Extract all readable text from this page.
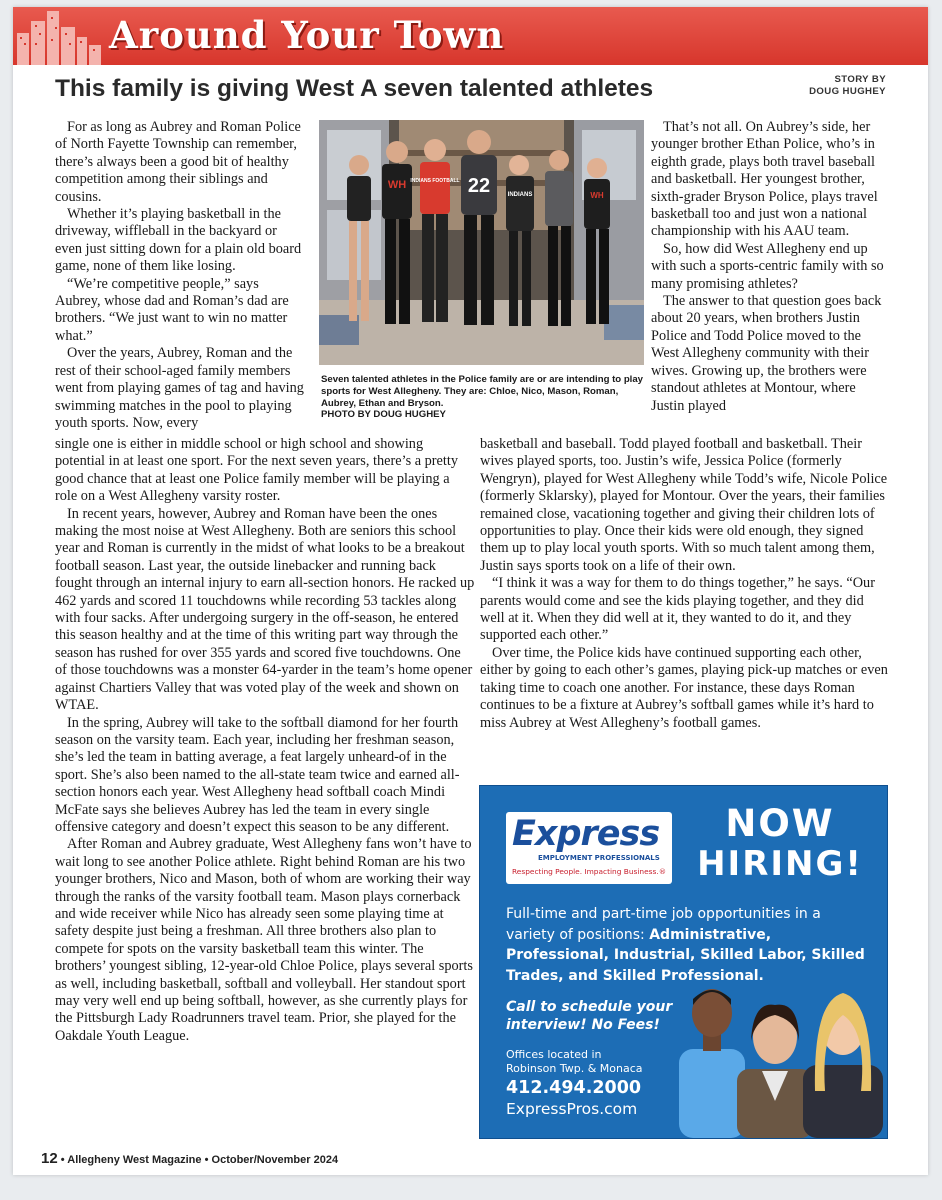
Around Your Town
This family is giving West A seven talented athletes	STORY BY
DOUG HUGHEY

For as long as Aubrey and Roman Police of North Fayette Township can remember, there’s always been a good bit of healthy competition among their siblings and cousins.

Whether it’s playing basketball in the driveway, wiffleball in the backyard or even just sitting down for a plain old board game, none of them like losing.

“We’re competitive people,” says Aubrey, whose dad and Roman’s dad are brothers. “We just want to win no matter what.”

Over the years, Aubrey, Roman and the rest of their school-aged family members went from playing games of tag and having swimming matches in the pool to playing youth sports. Now, every

single one is either in middle school or high school and showing potential in at least one sport. For the next seven years, there’s a pretty good chance that at least one Police family member will be playing a role on a West Allegheny varsity roster.

In recent years, however, Aubrey and Roman have been the ones making the most noise at West Allegheny. Both are seniors this school year and Roman is currently in the midst of what looks to be a breakout football season. Last year, the outside linebacker and running back fought through an internal injury to earn all-section honors. He racked up 462 yards and scored 11 touchdowns while recording 53 tackles along with four sacks. After undergoing surgery in the off-season, he entered this season healthy and at the time of this writing part way through the season has rushed for over 355 yards and scored five touchdowns. One of those touchdowns was a monster 64-yarder in the team’s home opener against Chartiers Valley that was voted play of the week and shown on WTAE.

In the spring, Aubrey will take to the softball diamond for her fourth season on the varsity team. Each year, including her freshman season, she’s led the team in batting average, a feat largely unheard-of in the sport. She’s also been named to the all-state team twice and earned all-section honors each year. West Allegheny head softball coach Mindi McFate says she believes Aubrey has led the team in every single offensive category and doesn’t expect this season to be any different.

After Roman and Aubrey graduate, West Allegheny fans won’t have to wait long to see another Police athlete. Right behind Roman are his two younger brothers, Nico and Mason, both of whom are working their way through the ranks of the varsity football team. Mason plays cornerback and wide receiver while Nico has already seen some playing time at safety despite just being a freshman. All three brothers also plan to compete for spots on the varsity basketball team this winter. The brothers’ youngest sibling, 12-year-old Chloe Police, plays several sports as well, including basketball, softball and volleyball. Her standout sport may very well end up being softball, however, as she currently plays for the Pittsburgh Lady Roadrunners travel team. Prior, she played for the Oakdale Youth League.

That’s not all. On Aubrey’s side, her younger brother Ethan Police, who’s in eighth grade, plays both travel baseball and basketball. Her youngest brother, sixth-grader Bryson Police, plays travel basketball too and just won a national championship with his AAU team.

So, how did West Allegheny end up with such a sports-centric family with so many promising athletes?

The answer to that question goes back about 20 years, when brothers Justin Police and Todd Police moved to the West Allegheny community with their wives. Growing up, the brothers were standout athletes at Montour, where Justin played

basketball and baseball. Todd played football and basketball. Their wives played sports, too. Justin’s wife, Jessica Police (formerly Wengryn), played for West Allegheny while Todd’s wife, Nicole Police (formerly Sklarsky), played for Montour. Over the years, their families remained close, vacationing together and giving their children lots of opportunities to play. Once their kids were old enough, they signed them up to play local youth sports. With so much talent among them, Justin says sports took on a life of their own.

“I think it was a way for them to do things together,” he says. “Our parents would come and see the kids playing together, and they did well at it. When they did well at it, they wanted to do it, and they supported each other.”

Over time, the Police kids have continued supporting each other, either by going to each other’s games, playing pick-up matches or even taking time to coach one another. For instance, these days Roman continues to be a fixture at Aubrey’s softball games while it’s hard to miss Aubrey at West Allegheny’s football games.

WH INDIANS FOOTBALL 22	INDIANS	WH
Seven talented athletes in the Police family are or are intending to play sports for West Allegheny. They are: Chloe, Nico, Mason, Roman, Aubrey, Ethan and Bryson.
PHOTO BY DOUG HUGHEY
Express
EMPLOYMENT PROFESSIONALS
Respecting People. Impacting Business.®
NOW
HIRING!
Full-time and part-time job opportunities in a variety of positions: Administrative, Professional, Industrial, Skilled Labor, Skilled Trades, and Skilled Professional.
Call to schedule your
interview! No Fees!
Offices located in
Robinson Twp. & Monaca
412.494.2000
ExpressPros.com
12 • Allegheny West Magazine • October/November 2024
